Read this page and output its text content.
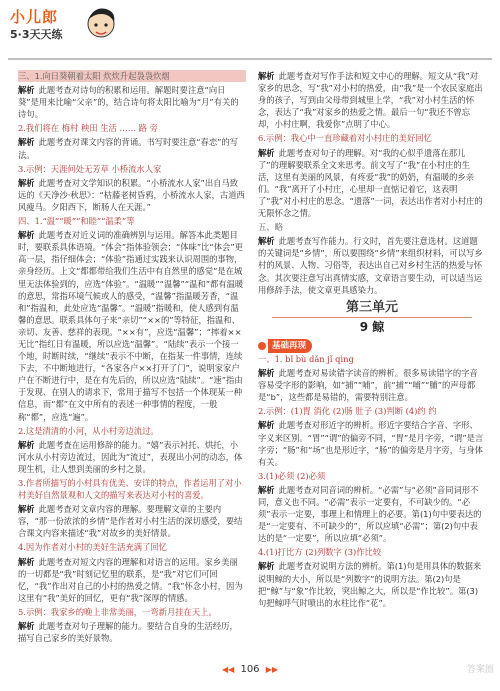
小儿郎
5·3天天练
三、1.向日葵朝着太阳 炊炊升起袅袅炊烟
解析 此题考查对诗句的积累和运用。解题时要注意“向日葵”是用来比喻“父亲”的，结合诗句将太阳比喻为“月”有关的诗句。
2.我们将在 梅村 秧田 生活 …… 路 旁
解析 此题考查对课文内容的背诵。书写时要注意“春恋”的写法。
3.示例：天涯何处无芳草 小桥流水人家
解析 此题考查对文学知识的积累。“小桥流水人家”出自马致远的《天净沙·秋思》：“枯藤老树昏鸦，小桥流水人家，古道西风瘦马。夕阳西下，断肠人在天涯。”
四、1.“温”“暖”“和睦”“温柔”等
解析 此题考查对近义词的准确辨别与运用。解答本此类题目时，要联系具体语境。“体会”指体验领会；“体味”比“体会”更高一层，指仔细体会；“体验”指通过实践来认识周围的事物，亲身经历。上文“都都带给我们生活中有自然里的感觉”是在城里无法体验到的，应选“体验”。“温暖”“温馨”“温和”都有温暖的意思，常指环境气候或人的感受，“温馨”指温暖芳香，“温和”指温和，此处应选“温馨”。“温暖”指暖和，使人感到有温馨的意思。联系具体句子来“亲切”“××的”等特征，指温和、亲切、友善、慈祥的表现。“××有”，应选“温馨”；“摔着××无比”指红日有温暖，所以应选“温馨”。“陆续”表示一个接一个地，时断时续，“继续”表示不中断，在指某一件事情，连续下去，不中断地进行，“各家各户××打开了门”，说明家家户户在不断进行中，是在有先后的，所以应选“陆续”。“速”指由于发现、在别人的请求下，常用于描写不包括一个体现某一种信息，而“都”在文中所有的表述一种事情的程度，一般称“都”，应选“遍”。
2.这是清清的小河，从小村旁边流过。
解析 此题考查在运用修辞的能力。“嬉”表示衬托、烘托，小河水从小村旁边流过，因此为“流过”，表现出小河的动态，体现生机，让人想到美丽的乡村之景。
3.作者所描写的小村具有优美、安详的特点，作者运用了对小村美好自然景观和人文的描写来表达对小村的喜爱。
解析 此题考查对文章内容的理解。要理解文章的主要内容，“那一份浓浓的乡情”是作者对小村生活的深切感受，要结合课文内容来描述“我”对故乡的美好情景。
4.因为作者对小村的美好生活充满了回忆
解析 此题考查对短文内容的理解和对语言的运用。家乡美丽的一切都是“我”时刻记忆里的联系，是“我”对它们可回忆，“我”作出对自己的小村的热爱之情。“我”怀念小村，因为这里有“我”美好的回忆，更有“我”深厚的情感。
5.示例：我家乡的晚上非常美丽，一弯新月挂在天上。
解析 此题考查对句子理解的能力。要结合自身的生活经历，描写自己家乡的美好景物。
解析 此题考查对写作手法和短文中心的理解。短文从“我”对家乡的思念，写“我”对小村的热爱，由“我”是一个农民家庭出身的孩子，写到由父母带到城里上学，“我”对小村生活的怀念，表达了“我”对家乡的热爱之情。最后一句“我还不曾忘却，小村庄啊，我爱你”点明了中心。
6.示例：我心中一直珍藏着对小村庄的美好回忆
解析 此题考查对句子的理解。对“我的心似乎遗落在那儿了”的理解要联系全文来思考。前文写了“我”在小村庄的生活，这里有美丽的风景，有疼爱“我”的奶奶，有温暖的乡亲们。“我”离开了小村庄，心里却一直惦记着它，这表明了“我”对小村庄的思念。“遗落”一词，表达出作者对小村庄的无限怀念之情。
五、略
解析 此题考查写作能力。行文时，首先要注意选材。这道题的关键词是“乡情”，所以要围绕“乡情”来组织材料，可以写乡村的风景、人物、习俗等，表达出自己对乡村生活的热爱与怀念。其次要注意写出真情实感，文章语言要生动，可以适当运用修辞手法，使文章更具感染力。
第三单元
9 鲸
基础再现
一、1. bǐ bù dǎn jǐ qìng
解析 此题考查对易读错字读音的辨析。很多易读错字的字音容易受字形的影响，如“捕”“哺”，前“捕”“哺”“脯”的声母都是“b”，这些都是易错的，需要特别注意。
2.示例：(1)胃 消化 (2)肠 肚子 (3)判断 (4)约 约
解析 此题考查对形近字的辨析。形近字要结合字音、字形、字义来区别。“胃”“谓”的偏旁不同，“胃”是月字旁，“谓”是言字旁；“肠”和“场”也是形近字，“肠”的偏旁是月字旁，与身体有关。
3.(1)必须 (2)必须
解析 此题考查对同音词的辨析。“必需”与“必须”音同词形不同，意义也不同。“必需”表示一定要有，不可缺少的。“必须”表示一定要，事理上和情理上的必要。第(1)句中要表达的是“一定要有、不可缺少的”，所以应填“必需”；第(2)句中表达的是“一定要”，所以应填“必须”。
4.(1)打比方 (2)列数字 (3)作比较
解析 此题考查对说明方法的辨析。第(1)句是用具体的数据来说明鲸的大小，所以是“列数字”的说明方法。第(2)句是把“鲸”与“象”作比较，突出鲸之大，所以是“作比较”。第(3)句把鲸呼气时喷出的水柱比作“花”。
◀◀ 106 ▶▶	答案圈
